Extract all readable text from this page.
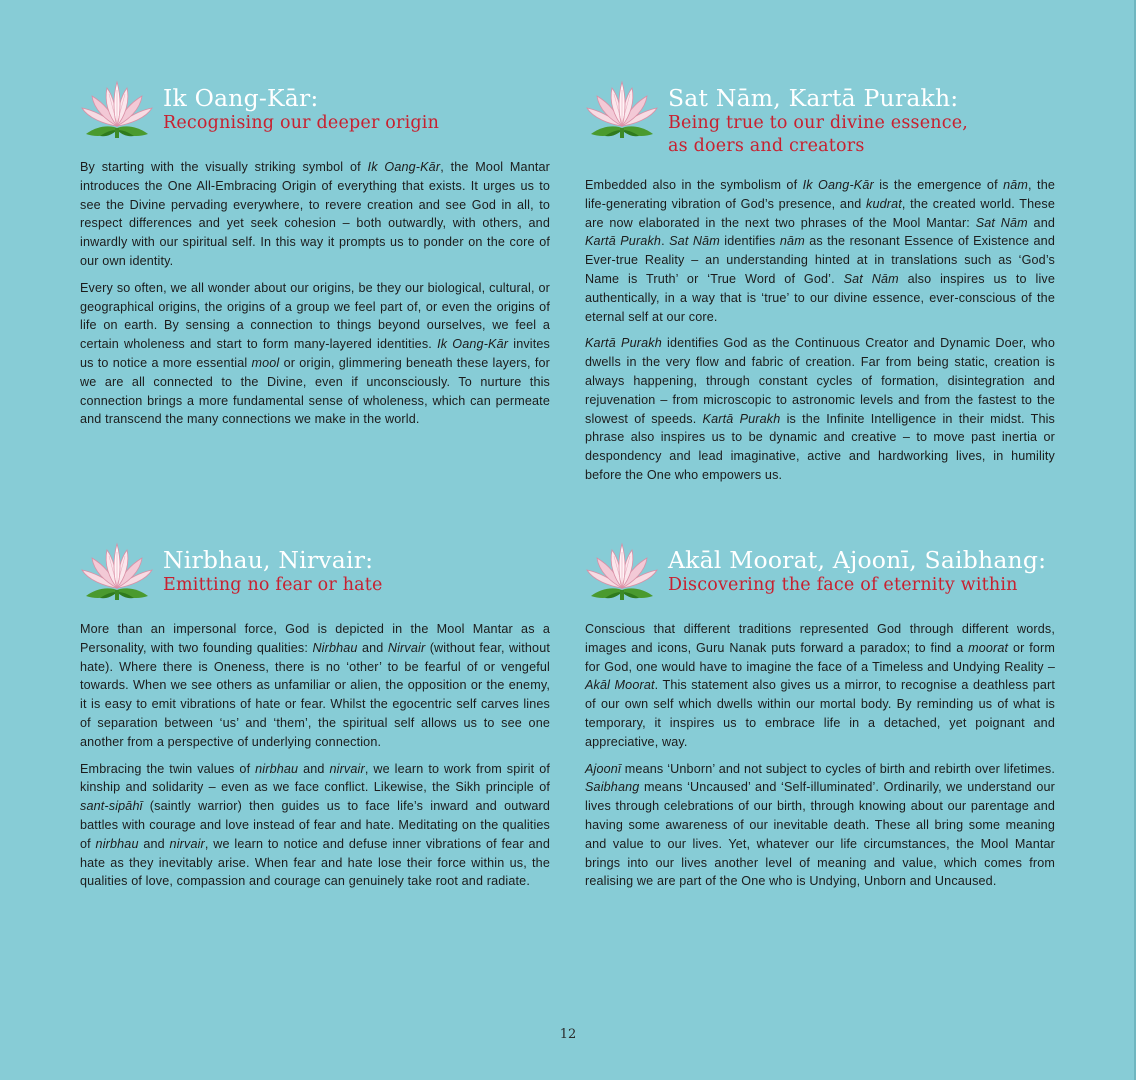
Ik Oang-Kār:
Recognising our deeper origin

By starting with the visually striking symbol of Ik Oang-Kār, the Mool Mantar introduces the One All-Embracing Origin of everything that exists. It urges us to see the Divine pervading everywhere, to revere creation and see God in all, to respect differences and yet seek cohesion – both outwardly, with others, and inwardly with our spiritual self. In this way it prompts us to ponder on the core of our own identity.

Every so often, we all wonder about our origins, be they our biological, cultural, or geographical origins, the origins of a group we feel part of, or even the origins of life on earth. By sensing a connection to things beyond ourselves, we feel a certain wholeness and start to form many-layered identities. Ik Oang-Kār invites us to notice a more essential mool or origin, glimmering beneath these layers, for we are all connected to the Divine, even if unconsciously. To nurture this connection brings a more fundamental sense of wholeness, which can permeate and transcend the many connections we make in the world.

Sat Nām, Kartā Purakh:
Being true to our divine essence,
as doers and creators

Embedded also in the symbolism of Ik Oang-Kār is the emergence of nām, the life-generating vibration of God’s presence, and kudrat, the created world. These are now elaborated in the next two phrases of the Mool Mantar: Sat Nām and Kartā Purakh. Sat Nām identifies nām as the resonant Essence of Existence and Ever-true Reality – an understanding hinted at in translations such as ‘God’s Name is Truth’ or ‘True Word of God’. Sat Nām also inspires us to live authentically, in a way that is ‘true’ to our divine essence, ever-conscious of the eternal self at our core.

Kartā Purakh identifies God as the Continuous Creator and Dynamic Doer, who dwells in the very flow and fabric of creation. Far from being static, creation is always happening, through constant cycles of formation, disintegration and rejuvenation – from microscopic to astronomic levels and from the fastest to the slowest of speeds. Kartā Purakh is the Infinite Intelligence in their midst. This phrase also inspires us to be dynamic and creative – to move past inertia or despondency and lead imaginative, active and hardworking lives, in humility before the One who empowers us.

Nirbhau, Nirvair:
Emitting no fear or hate

More than an impersonal force, God is depicted in the Mool Mantar as a Personality, with two founding qualities: Nirbhau and Nirvair (without fear, without hate). Where there is Oneness, there is no ‘other’ to be fearful of or vengeful towards. When we see others as unfamiliar or alien, the opposition or the enemy, it is easy to emit vibrations of hate or fear. Whilst the egocentric self carves lines of separation between ‘us’ and ‘them’, the spiritual self allows us to see one another from a perspective of underlying connection.

Embracing the twin values of nirbhau and nirvair, we learn to work from spirit of kinship and solidarity – even as we face conflict. Likewise, the Sikh principle of sant-sipāhī (saintly warrior) then guides us to face life’s inward and outward battles with courage and love instead of fear and hate. Meditating on the qualities of nirbhau and nirvair, we learn to notice and defuse inner vibrations of fear and hate as they inevitably arise. When fear and hate lose their force within us, the qualities of love, compassion and courage can genuinely take root and radiate.

Akāl Moorat, Ajoonī, Saibhang:
Discovering the face of eternity within

Conscious that different traditions represented God through different words, images and icons, Guru Nanak puts forward a paradox; to find a moorat or form for God, one would have to imagine the face of a Timeless and Undying Reality – Akāl Moorat. This statement also gives us a mirror, to recognise a deathless part of our own self which dwells within our mortal body. By reminding us of what is temporary, it inspires us to embrace life in a detached, yet poignant and appreciative, way.

Ajoonī means ‘Unborn’ and not subject to cycles of birth and rebirth over lifetimes. Saibhang means ‘Uncaused’ and ‘Self-illuminated’. Ordinarily, we understand our lives through celebrations of our birth, through knowing about our parentage and having some awareness of our inevitable death. These all bring some meaning and value to our lives. Yet, whatever our life circumstances, the Mool Mantar brings into our lives another level of meaning and value, which comes from realising we are part of the One who is Undying, Unborn and Uncaused.

12
